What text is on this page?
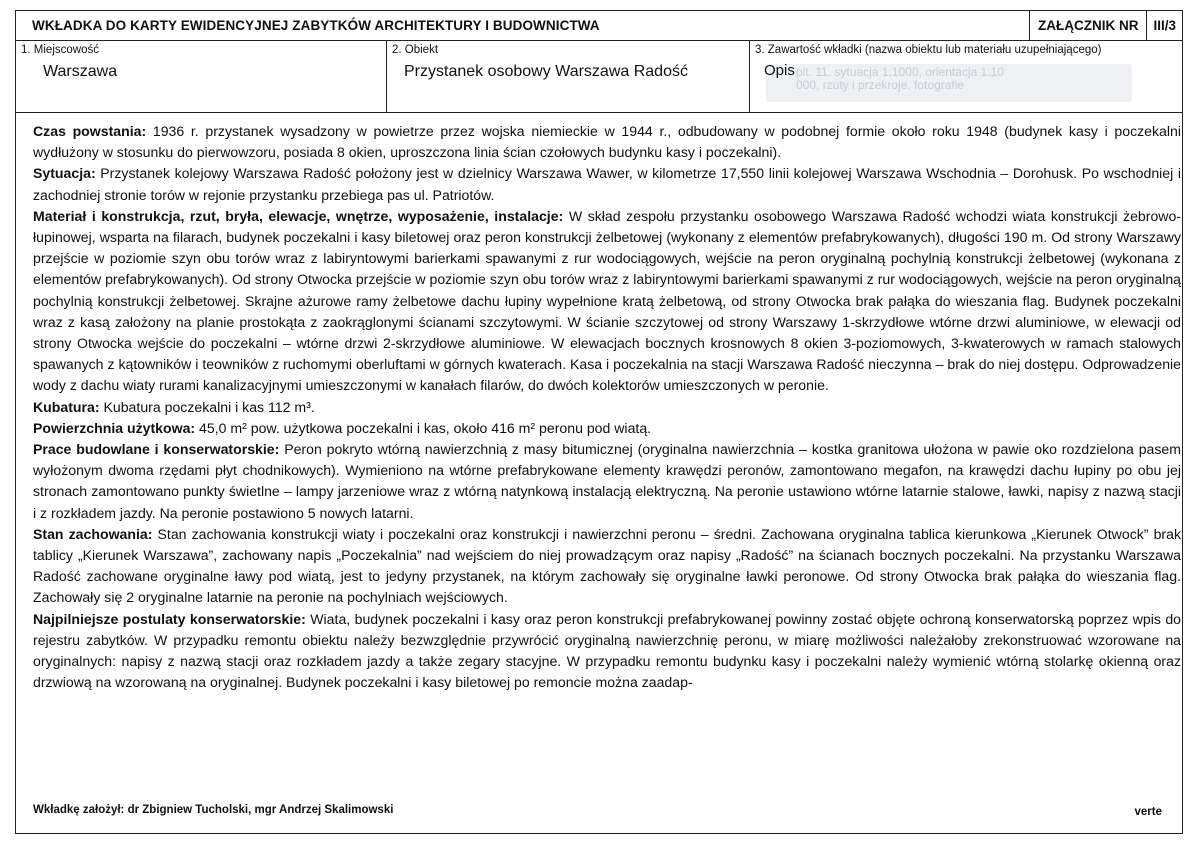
WKŁADKA DO KARTY EWIDENCYJNEJ ZABYTKÓW ARCHITEKTURY I BUDOWNICTWA	ZAŁĄCZNIK NR	III/3
1. Miejscowość
Warszawa
2. Obiekt
Przystanek osobowy Warszawa Radość
3. Zawartość wkładki (nazwa obiektu lub materiału uzupełniającego)
plt. 11. sytuacja 1:1000, orientacja 1:10 000, rzuty i przekroje, fotografie
Opis

Czas powstania: 1936 r. przystanek wysadzony w powietrze przez wojska niemieckie w 1944 r., odbudowany w podobnej formie około roku 1948 (budynek kasy i poczekalni wydłużony w stosunku do pierwowzoru, posiada 8 okien, uproszczona linia ścian czołowych budynku kasy i poczekalni).

Sytuacja: Przystanek kolejowy Warszawa Radość położony jest w dzielnicy Warszawa Wawer, w kilometrze 17,550 linii kolejowej Warszawa Wschodnia – Dorohusk. Po wschodniej i zachodniej stronie torów w rejonie przystanku przebiega pas ul. Patriotów.

Materiał i konstrukcja, rzut, bryła, elewacje, wnętrze, wyposażenie, instalacje: W skład zespołu przystanku osobowego Warszawa Radość wchodzi wiata konstrukcji żebrowo-łupinowej, wsparta na filarach, budynek poczekalni i kasy biletowej oraz peron konstrukcji żelbetowej (wykonany z elementów prefabrykowanych), długości 190 m. Od strony Warszawy przejście w poziomie szyn obu torów wraz z labiryntowymi barierkami spawanymi z rur wodociągowych, wejście na peron oryginalną pochylnią konstrukcji żelbetowej (wykonana z elementów prefabrykowanych). Od strony Otwocka przejście w poziomie szyn obu torów wraz z labiryntowymi barierkami spawanymi z rur wodociągowych, wejście na peron oryginalną pochylnią konstrukcji żelbetowej. Skrajne ażurowe ramy żelbetowe dachu łupiny wypełnione kratą żelbetową, od strony Otwocka brak pałąka do wieszania flag. Budynek poczekalni wraz z kasą założony na planie prostokąta z zaokrąglonymi ścianami szczytowymi. W ścianie szczytowej od strony Warszawy 1-skrzydłowe wtórne drzwi aluminiowe, w elewacji od strony Otwocka wejście do poczekalni – wtórne drzwi 2-skrzydłowe aluminiowe. W elewacjach bocznych krosnowych 8 okien 3-poziomowych, 3-kwaterowych w ramach stalowych spawanych z kątowników i teowników z ruchomymi oberluftami w górnych kwaterach. Kasa i poczekalnia na stacji Warszawa Radość nieczynna – brak do niej dostępu. Odprowadzenie wody z dachu wiaty rurami kanalizacyjnymi umieszczonymi w kanałach filarów, do dwóch kolektorów umieszczonych w peronie.

Kubatura: Kubatura poczekalni i kas 112 m³.

Powierzchnia użytkowa: 45,0 m² pow. użytkowa poczekalni i kas, około 416 m² peronu pod wiatą.

Prace budowlane i konserwatorskie: Peron pokryto wtórną nawierzchnią z masy bitumicznej (oryginalna nawierzchnia – kostka granitowa ułożona w pawie oko rozdzielona pasem wyłożonym dwoma rzędami płyt chodnikowych). Wymieniono na wtórne prefabrykowane elementy krawędzi peronów, zamontowano megafon, na krawędzi dachu łupiny po obu jej stronach zamontowano punkty świetlne – lampy jarzeniowe wraz z wtórną natynkową instalacją elektryczną. Na peronie ustawiono wtórne latarnie stalowe, ławki, napisy z nazwą stacji i z rozkładem jazdy. Na peronie postawiono 5 nowych latarni.

Stan zachowania: Stan zachowania konstrukcji wiaty i poczekalni oraz konstrukcji i nawierzchni peronu – średni. Zachowana oryginalna tablica kierunkowa „Kierunek Otwock” brak tablicy „Kierunek Warszawa”, zachowany napis „Poczekalnia” nad wejściem do niej prowadzącym oraz napisy „Radość” na ścianach bocznych poczekalni. Na przystanku Warszawa Radość zachowane oryginalne ławy pod wiatą, jest to jedyny przystanek, na którym zachowały się oryginalne ławki peronowe. Od strony Otwocka brak pałąka do wieszania flag. Zachowały się 2 oryginalne latarnie na peronie na pochylniach wejściowych.

Najpilniejsze postulaty konserwatorskie: Wiata, budynek poczekalni i kasy oraz peron konstrukcji prefabrykowanej powinny zostać objęte ochroną konserwatorską poprzez wpis do rejestru zabytków. W przypadku remontu obiektu należy bezwzględnie przywrócić oryginalną nawierzchnię peronu, w miarę możliwości należałoby zrekonstruować wzorowane na oryginalnych: napisy z nazwą stacji oraz rozkładem jazdy a także zegary stacyjne. W przypadku remontu budynku kasy i poczekalni należy wymienić wtórną stolarkę okienną oraz drzwiową na wzorowaną na oryginalnej. Budynek poczekalni i kasy biletowej po remoncie można zaadap-

Wkładkę założył: dr Zbigniew Tucholski, mgr Andrzej Skalimowski	verte
